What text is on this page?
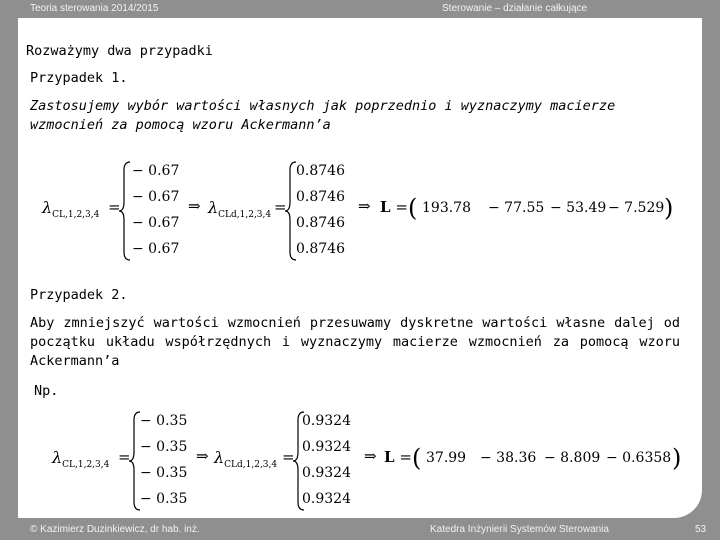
Teoria sterowania 2014/2015	Sterowanie – działanie całkujące
Rozważymy dwa przypadki
Przypadek 1.
Zastosujemy wybór wartości własnych jak poprzednio i wyznaczymy macierze wzmocnień za pomocą wzoru Ackermann’a
$\lambda_{CL,1,2,3,4}$ =
− 0.67
− 0.67
− 0.67
− 0.67
⇒ $\lambda_{CLd,1,2,3,4}$ =
0.8746
0.8746
0.8746
0.8746
⇒ L = ( 193.78 − 77.55 − 53.49 − 7.529 )
Przypadek 2.
Aby zmniejszyć wartości wzmocnień przesuwamy dyskretne wartości własne dalej od początku układu współrzędnych i wyznaczymy macierze wzmocnień za pomocą wzoru Ackermann’a
Np.
$\lambda_{CL,1,2,3,4}$ =
− 0.35
− 0.35
− 0.35
− 0.35
⇒ $\lambda_{CLd,1,2,3,4}$ =
0.9324
0.9324
0.9324
0.9324
⇒ L = ( 37.99 − 38.36 − 8.809 − 0.6358 )
© Kazimierz Duzinkiewicz, dr hab. inż.	Katedra Inżynierii Systemów Sterowania	53
